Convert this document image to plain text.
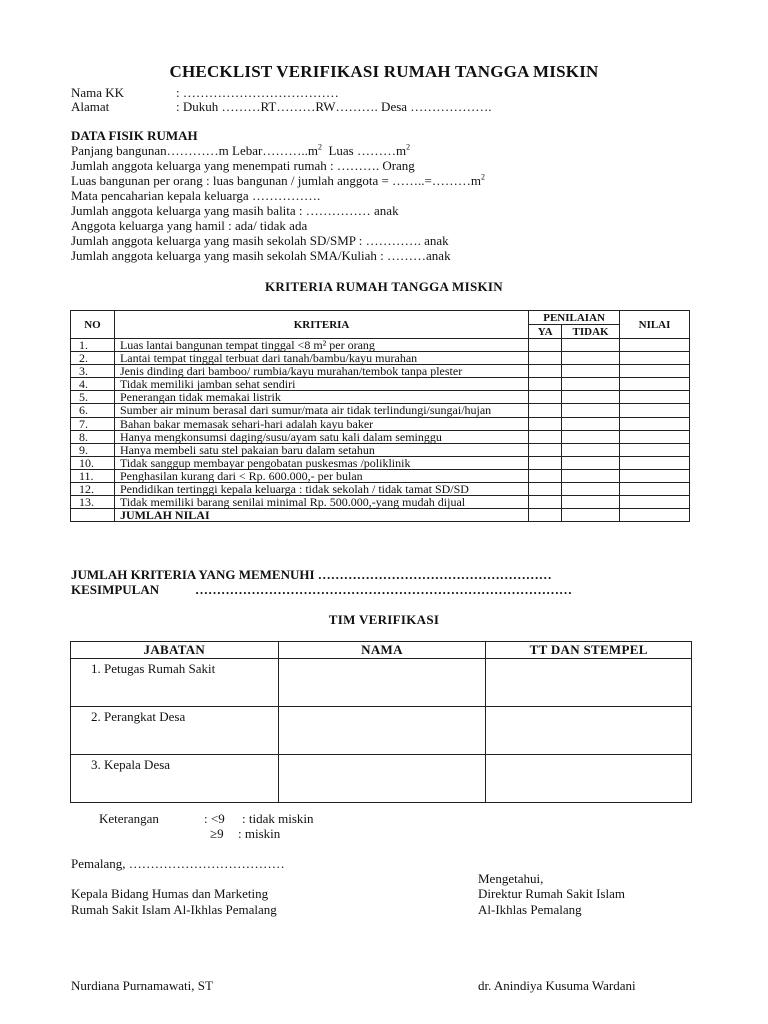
CHECKLIST VERIFIKASI RUMAH TANGGA MISKIN
Nama KK	: ………………………………
Alamat	: Dukuh ………RT………RW………. Desa ……………….
DATA FISIK RUMAH
Panjang bangunan…………m $Lebar\dots\dots\dots..m^2$ Luas $\dots\dots\dots m^2$
Jumlah anggota keluarga yang menempati rumah : ………. Orang
Luas bangunan per orang : luas bangunan / jumlah anggota = $\dots\dots..=\dots\dots\dots m^2$
Mata pencaharian kepala keluarga …………….
Jumlah anggota keluarga yang masih balita : …………… anak
Anggota keluarga yang hamil : ada/ tidak ada
Jumlah anggota keluarga yang masih sekolah SD/SMP : …………. anak
Jumlah anggota keluarga yang masih sekolah SMA/Kuliah : ………anak
KRITERIA RUMAH TANGGA MISKIN
NO	KRITERIA	PENILAIAN		NILAI
		YA	TIDAK	
1.	Luas lantai bangunan tempat tinggal <8 m² per orang			
2.	Lantai tempat tinggal terbuat dari tanah/bambu/kayu murahan			
3.	Jenis dinding dari bamboo/ rumbia/kayu murahan/tembok tanpa plester			
4.	Tidak memiliki jamban sehat sendiri			
5.	Penerangan tidak memakai listrik			
6.	Sumber air minum berasal dari sumur/mata air tidak terlindungi/sungai/hujan			
7.	Bahan bakar memasak sehari-hari adalah kayu baker			
8.	Hanya mengkonsumsi daging/susu/ayam satu kali dalam seminggu			
9.	Hanya membeli satu stel pakaian baru dalam setahun			
10.	Tidak sanggup membayar pengobatan puskesmas /poliklinik			
11.	Penghasilan kurang dari < Rp. 600.000,- per bulan			
12.	Pendidikan tertinggi kepala keluarga : tidak sekolah / tidak tamat SD/SD			
13.	Tidak memiliki barang senilai minimal Rp. 500.000,-yang mudah dijual			
	JUMLAH NILAI			
JUMLAH KRITERIA YANG MEMENUHI ………………………………………………
KESIMPULAN	……………………………………………………………………………
TIM VERIFIKASI
JABATAN	NAMA	TT DAN STEMPEL
1. Petugas Rumah Sakit		
2. Perangkat Desa		
3. Kepala Desa		
Keterangan	: <9 : tidak miskin
≥9 : miskin
Pemalang, ………………………………
Mengetahui,
Kepala Bidang Humas dan Marketing	Direktur Rumah Sakit Islam
Rumah Sakit Islam Al-Ikhlas Pemalang	Al-Ikhlas Pemalang
Nurdiana Purnamawati, ST	dr. Anindiya Kusuma Wardani
